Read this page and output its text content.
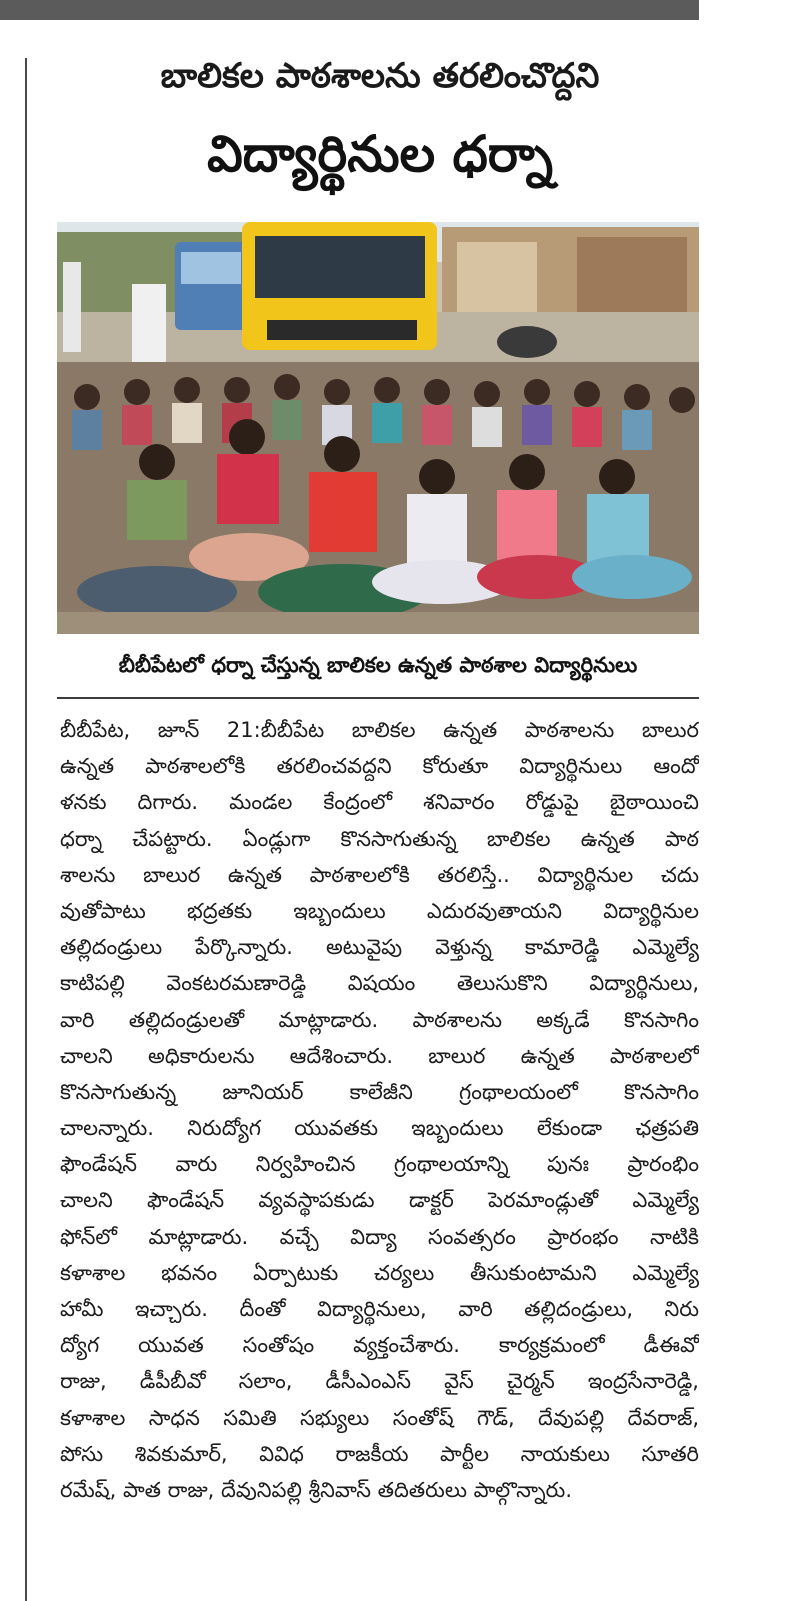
బాలికల పాఠశాలను తరలించొద్దని
విద్యార్థినుల ధర్నా
బీబీపేటలో ధర్నా చేస్తున్న బాలికల ఉన్నత పాఠశాల విద్యార్థినులు
బీబీపేట, జూన్ 21:బీబీపేట బాలికల ఉన్నత పాఠశాలను బాలుర
ఉన్నత పాఠశాలలోకి తరలించవద్దని కోరుతూ విద్యార్థినులు ఆందో
ళనకు దిగారు. మండల కేంద్రంలో శనివారం రోడ్డుపై బైఠాయించి
ధర్నా చేపట్టారు. ఏండ్లుగా కొనసాగుతున్న బాలికల ఉన్నత పాఠ
శాలను బాలుర ఉన్నత పాఠశాలలోకి తరలిస్తే.. విద్యార్థినుల చదు
వుతోపాటు భద్రతకు ఇబ్బందులు ఎదురవుతాయని విద్యార్థినుల
తల్లిదండ్రులు పేర్కొన్నారు. అటువైపు వెళ్తున్న కామారెడ్డి ఎమ్మెల్యే
కాటిపల్లి వెంకటరమణారెడ్డి విషయం తెలుసుకొని విద్యార్థినులు,
వారి తల్లిదండ్రులతో మాట్లాడారు. పాఠశాలను అక్కడే కొనసాగిం
చాలని అధికారులను ఆదేశించారు. బాలుర ఉన్నత పాఠశాలలో
కొనసాగుతున్న జూనియర్ కాలేజీని గ్రంథాలయంలో కొనసాగిం
చాలన్నారు. నిరుద్యోగ యువతకు ఇబ్బందులు లేకుండా ఛత్రపతి
ఫౌండేషన్ వారు నిర్వహించిన గ్రంథాలయాన్ని పునః ప్రారంభిం
చాలని ఫౌండేషన్ వ్యవస్థాపకుడు డాక్టర్ పెరమాండ్లుతో ఎమ్మెల్యే
ఫోన్‌లో మాట్లాడారు. వచ్చే విద్యా సంవత్సరం ప్రారంభం నాటికి
కళాశాల భవనం ఏర్పాటుకు చర్యలు తీసుకుంటామని ఎమ్మెల్యే
హామీ ఇచ్చారు. దీంతో విద్యార్థినులు, వారి తల్లిదండ్రులు, నిరు
ద్యోగ యువత సంతోషం వ్యక్తంచేశారు. కార్యక్రమంలో డీఈవో
రాజు, డీపీబీవో సలాం, డీసీఎంఎస్ వైస్ చైర్మన్ ఇంద్రసేనారెడ్డి,
కళాశాల సాధన సమితి సభ్యులు సంతోష్ గౌడ్, దేవుపల్లి దేవరాజ్,
పోసు శివకుమార్, వివిధ రాజకీయ పార్టీల నాయకులు సూతరి
రమేష్, పాత రాజు, దేవునిపల్లి శ్రీనివాస్ తదితరులు పాల్గొన్నారు.
